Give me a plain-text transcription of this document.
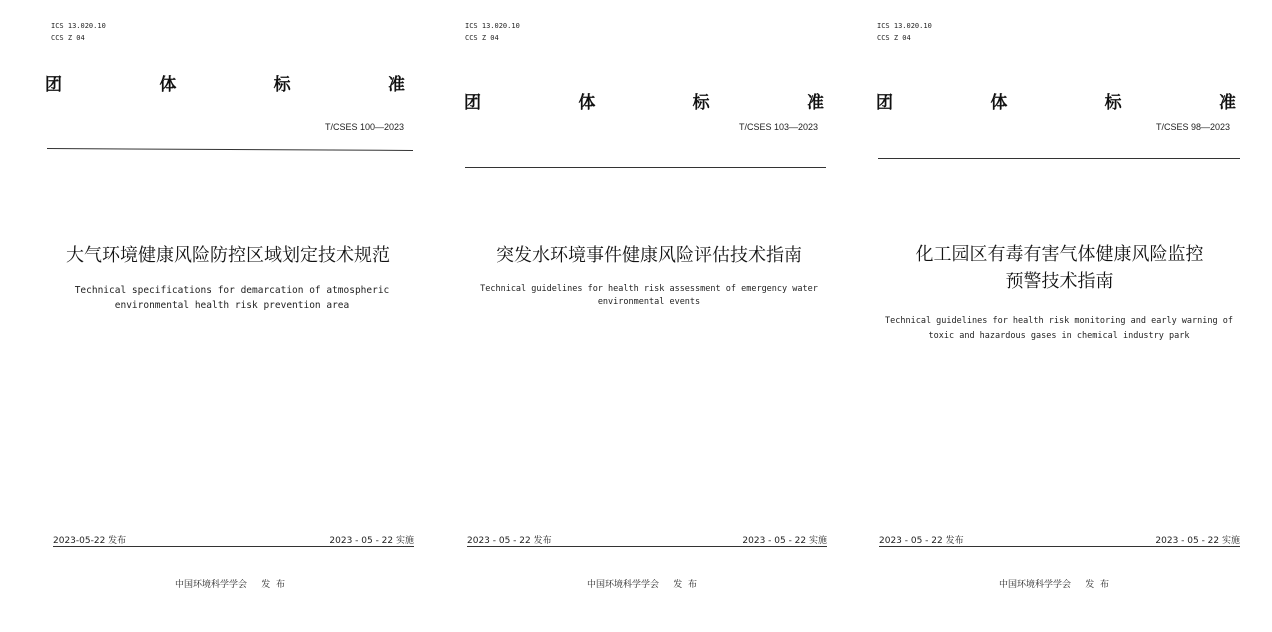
ICS 13.020.10
CCS Z 04
团	体	标	准
T/CSES 100—2023
大气环境健康风险防控区域划定技术规范
Technical specifications for demarcation of atmospheric
environmental health risk prevention area
2023-05-22 发布	2023 - 05 - 22 实施
中国环境科学学会     发  布
ICS 13.020.10
CCS Z 04
团	体	标	准
T/CSES 103—2023
突发水环境事件健康风险评估技术指南
Technical guidelines for health risk assessment of emergency water
environmental events
2023 - 05 - 22 发布	2023 - 05 - 22 实施
中国环境科学学会     发  布
ICS 13.020.10
CCS Z 04
团	体	标	准
T/CSES 98—2023
化工园区有毒有害气体健康风险监控
预警技术指南
Technical guidelines for health risk monitoring and early warning of
toxic and hazardous gases in chemical industry park
2023 - 05 - 22 发布	2023 - 05 - 22 实施
中国环境科学学会     发  布
